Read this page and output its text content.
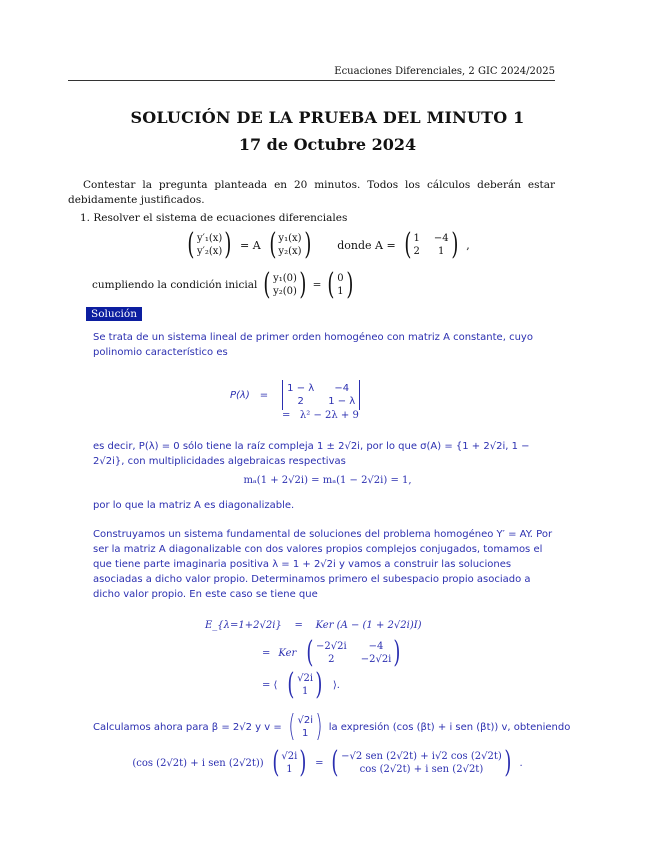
Ecuaciones Diferenciales, 2 GIC 2024/2025
SOLUCIÓN DE LA PRUEBA DEL MINUTO 1
17 de Octubre 2024
Contestar la pregunta planteada en 20 minutos. Todos los cálculos deberán estar debidamente justificados.
1. Resolver el sistema de ecuaciones diferenciales
( y′₁(x)
y′₂(x) ) = A ( y₁(x)
y₂(x) ) donde A = ( 1 −4
2	1 ) ,
cumpliendo la condición inicial ( y₁(0)
y₂(0) ) = ( 0
1 )
Solución
Se trata de un sistema lineal de primer orden homogéneo con matriz A constante, cuyo polinomio característico es
P(λ) =
1 − λ	−4
2	1 − λ
=   λ² − 2λ + 9
es decir, P(λ) = 0 sólo tiene la raíz compleja 1 ± 2√2i, por lo que σ(A) = {1 + 2√2i, 1 − 2√2i}, con multiplicidades algebraicas respectivas
mₐ(1 + 2√2i) = mₐ(1 − 2√2i) = 1,
por lo que la matriz A es diagonalizable.
Construyamos un sistema fundamental de soluciones del problema homogéneo Y′ = AY. Por ser la matriz A diagonalizable con dos valores propios complejos conjugados, tomamos el que tiene parte imaginaria positiva λ = 1 + 2√2i y vamos a construir las soluciones asociadas a dicho valor propio. Determinamos primero el subespacio propio asociado a dicho valor propio. En este caso se tiene que
E_{λ=1+2√2i}    =    Ker (A − (1 + 2√2i)I)
= Ker ( −2√2i	−4
2	−2√2i )
= ⟨ ( √2i
1 ) ⟩.
Calculamos ahora para β = 2√2 y v = ( √2i
1 ) la expresión (cos (βt) + i sen (βt)) v, obteniendo
(cos (2√2t) + i sen (2√2t)) ( √2i
1 ) = ( −√2 sen (2√2t) + i√2 cos (2√2t)
cos (2√2t) + i sen (2√2t) ) .
